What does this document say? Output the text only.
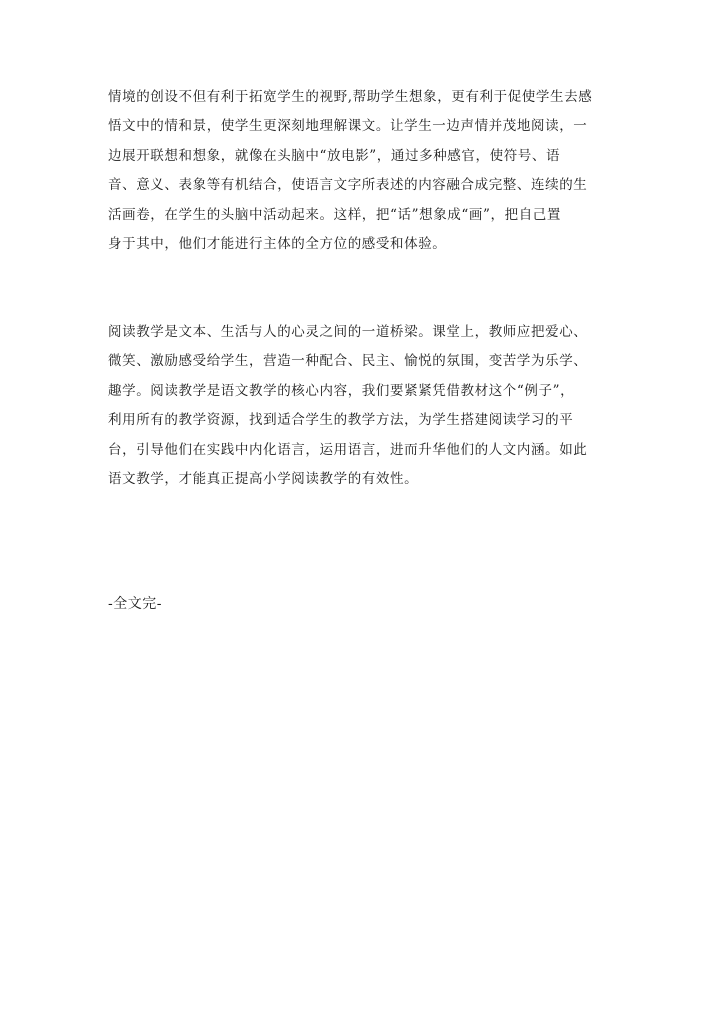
情境的创设不但有利于拓宽学生的视野,帮助学生想象，更有利于促使学生去感
悟文中的情和景，使学生更深刻地理解课文。让学生一边声情并茂地阅读，一
边展开联想和想象，就像在头脑中“放电影”，通过多种感官，使符号、语
音、意义、表象等有机结合，使语言文字所表述的内容融合成完整、连续的生
活画卷，在学生的头脑中活动起来。这样，把“话”想象成“画”，把自己置
身于其中，他们才能进行主体的全方位的感受和体验。
阅读教学是文本、生活与人的心灵之间的一道桥梁。课堂上，教师应把爱心、
微笑、激励感受给学生，营造一种配合、民主、愉悦的氛围，变苦学为乐学、
趣学。阅读教学是语文教学的核心内容，我们要紧紧凭借教材这个“例子”，
利用所有的教学资源，找到适合学生的教学方法，为学生搭建阅读学习的平
台，引导他们在实践中内化语言，运用语言，进而升华他们的人文内涵。如此
语文教学，才能真正提高小学阅读教学的有效性。
-全文完-
